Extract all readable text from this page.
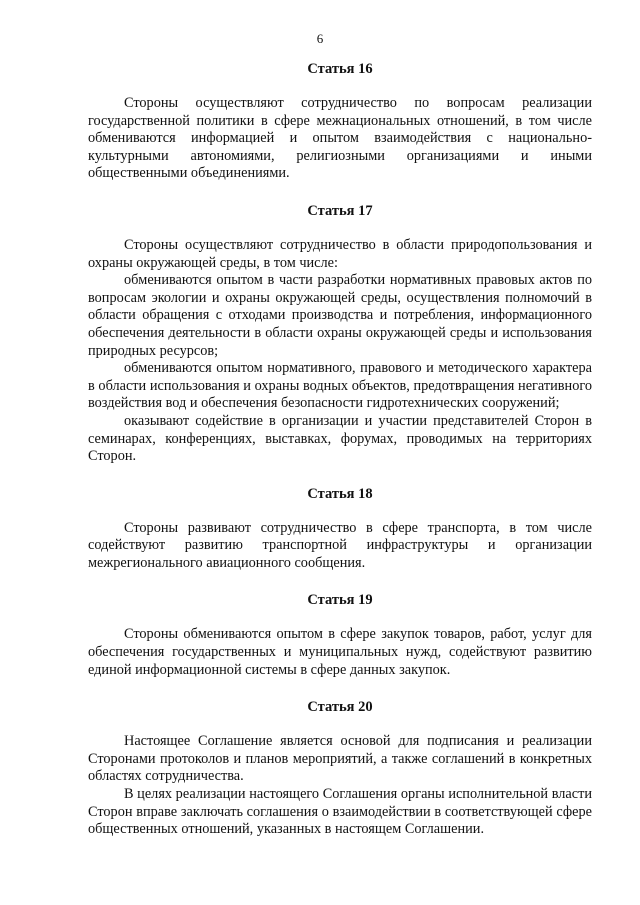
6
Статья 16

Стороны осуществляют сотрудничество по вопросам реализации государственной политики в сфере межнациональных отношений, в том числе обмениваются информацией и опытом взаимодействия с национально-культурными автономиями, религиозными организациями и иными общественными объединениями.

Статья 17

Стороны осуществляют сотрудничество в области природопользования и охраны окружающей среды, в том числе:

обмениваются опытом в части разработки нормативных правовых актов по вопросам экологии и охраны окружающей среды, осуществления полномочий в области обращения с отходами производства и потребления, информационного обеспечения деятельности в области охраны окружающей среды и использования природных ресурсов;

обмениваются опытом нормативного, правового и методического характера в области использования и охраны водных объектов, предотвращения негативного воздействия вод и обеспечения безопасности гидротехнических сооружений;

оказывают содействие в организации и участии представителей Сторон в семинарах, конференциях, выставках, форумах, проводимых на территориях Сторон.

Статья 18

Стороны развивают сотрудничество в сфере транспорта, в том числе содействуют развитию транспортной инфраструктуры и организации межрегионального авиационного сообщения.

Статья 19

Стороны обмениваются опытом в сфере закупок товаров, работ, услуг для обеспечения государственных и муниципальных нужд, содействуют развитию единой информационной системы в сфере данных закупок.

Статья 20

Настоящее Соглашение является основой для подписания и реализации Сторонами протоколов и планов мероприятий, а также соглашений в конкретных областях сотрудничества.

В целях реализации настоящего Соглашения органы исполнительной власти Сторон вправе заключать соглашения о взаимодействии в соответствующей сфере общественных отношений, указанных в настоящем Соглашении.
